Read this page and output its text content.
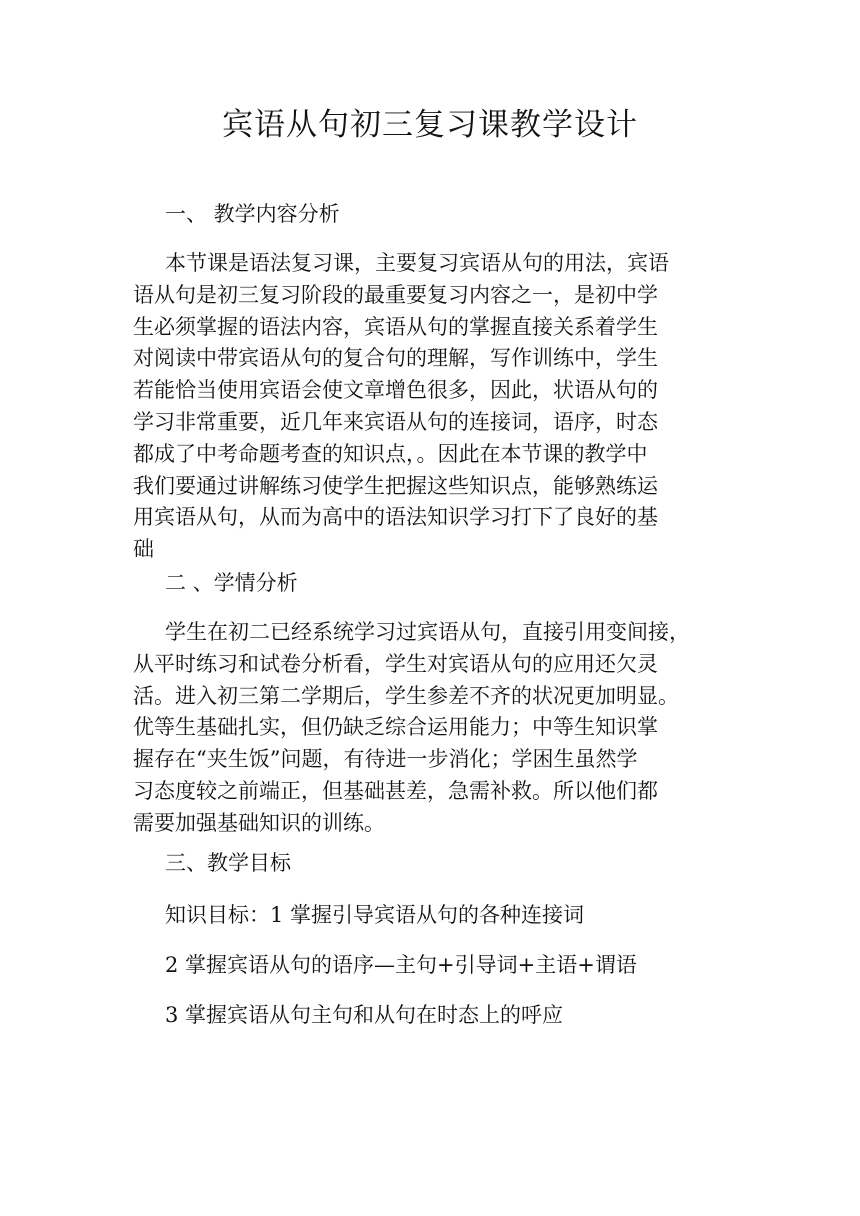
宾语从句初三复习课教学设计
一、 教学内容分析
本节课是语法复习课，主要复习宾语从句的用法，宾语
语从句是初三复习阶段的最重要复习内容之一，是初中学
生必须掌握的语法内容，宾语从句的掌握直接关系着学生
对阅读中带宾语从句的复合句的理解，写作训练中，学生
若能恰当使用宾语会使文章增色很多，因此，状语从句的
学习非常重要，近几年来宾语从句的连接词，语序，时态
都成了中考命题考查的知识点，。因此在本节课的教学中
我们要通过讲解练习使学生把握这些知识点，能够熟练运
用宾语从句，从而为高中的语法知识学习打下了良好的基
础
二 、学情分析
学生在初二已经系统学习过宾语从句，直接引用变间接，
从平时练习和试卷分析看，学生对宾语从句的应用还欠灵
活。进入初三第二学期后，学生参差不齐的状况更加明显。
优等生基础扎实，但仍缺乏综合运用能力；中等生知识掌
握存在“夹生饭”问题，有待进一步消化；学困生虽然学
习态度较之前端正，但基础甚差，急需补救。所以他们都
需要加强基础知识的训练。
三、教学目标
知识目标：1 掌握引导宾语从句的各种连接词
2 掌握宾语从句的语序—主句+引导词+主语+谓语
3 掌握宾语从句主句和从句在时态上的呼应
